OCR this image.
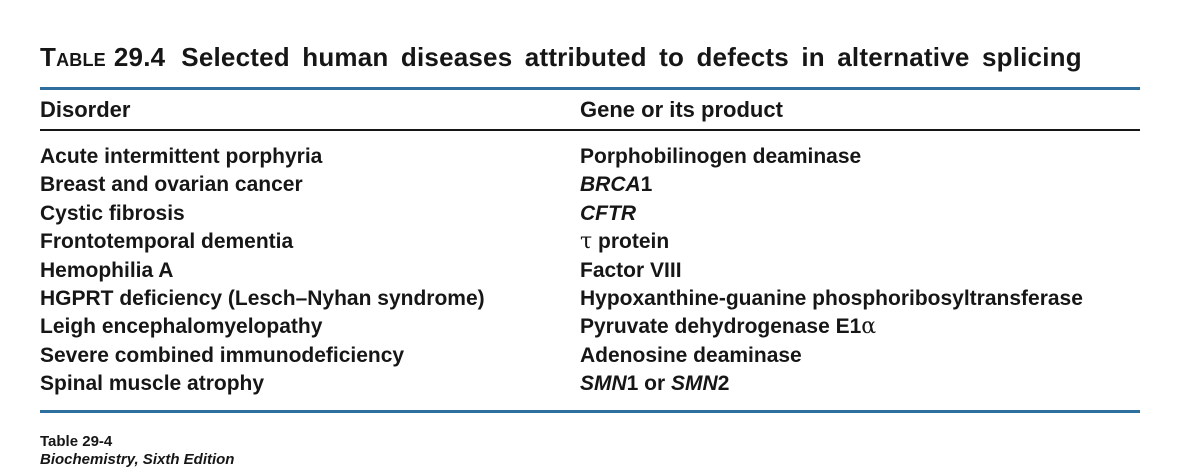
Table 29.4 Selected human diseases attributed to defects in alternative splicing
Disorder	Gene or its product
Acute intermittent porphyria	Porphobilinogen deaminase
Breast and ovarian cancer	BRCA1
Cystic fibrosis	CFTR
Frontotemporal dementia	τ protein
Hemophilia A	Factor VIII
HGPRT deficiency (Lesch–Nyhan syndrome)	Hypoxanthine-guanine phosphoribosyltransferase
Leigh encephalomyelopathy	Pyruvate dehydrogenase E1α
Severe combined immunodeficiency	Adenosine deaminase
Spinal muscle atrophy	SMN1 or SMN2
Table 29-4
Biochemistry, Sixth Edition
